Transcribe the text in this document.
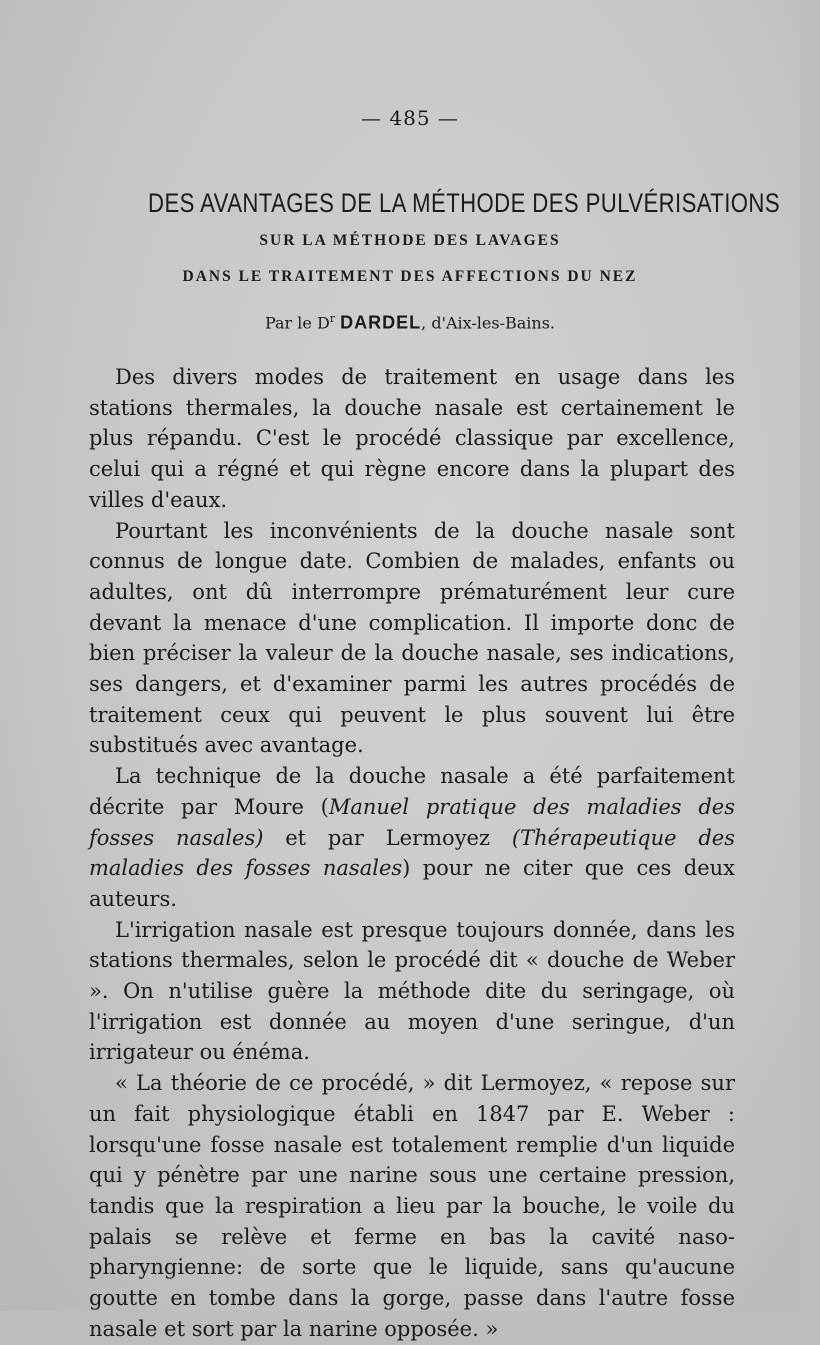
— 485 —
DES AVANTAGES DE LA MÉTHODE DES PULVÉRISATIONS
SUR LA MÉTHODE DES LAVAGES
DANS LE TRAITEMENT DES AFFECTIONS DU NEZ
Par le $D^r$ DARDEL, d'Aix-les-Bains.

Des divers modes de traitement en usage dans les stations thermales, la douche nasale est certainement le plus répandu. C'est le procédé classique par excellence, celui qui a régné et qui règne encore dans la plupart des villes d'eaux.

Pourtant les inconvénients de la douche nasale sont connus de longue date. Combien de malades, enfants ou adultes, ont dû interrompre prématurément leur cure devant la menace d'une complication. Il importe donc de bien préciser la valeur de la douche nasale, ses indications, ses dangers, et d'examiner parmi les autres procédés de traitement ceux qui peuvent le plus souvent lui être substitués avec avantage.

La technique de la douche nasale a été parfaitement décrite par Moure (Manuel pratique des maladies des fosses nasales) et par Lermoyez (Thérapeutique des maladies des fosses nasales) pour ne citer que ces deux auteurs.

L'irrigation nasale est presque toujours donnée, dans les stations thermales, selon le procédé dit « douche de Weber ». On n'utilise guère la méthode dite du seringage, où l'irrigation est donnée au moyen d'une seringue, d'un irrigateur ou énéma.

« La théorie de ce procédé, » dit Lermoyez, « repose sur un fait physiologique établi en 1847 par E. Weber : lorsqu'une fosse nasale est totalement remplie d'un liquide qui y pénètre par une narine sous une certaine pression, tandis que la respiration a lieu par la bouche, le voile du palais se relève et ferme en bas la cavité naso-pharyngienne: de sorte que le liquide, sans qu'aucune goutte en tombe dans la gorge, passe dans l'autre fosse nasale et sort par la narine opposée. »
